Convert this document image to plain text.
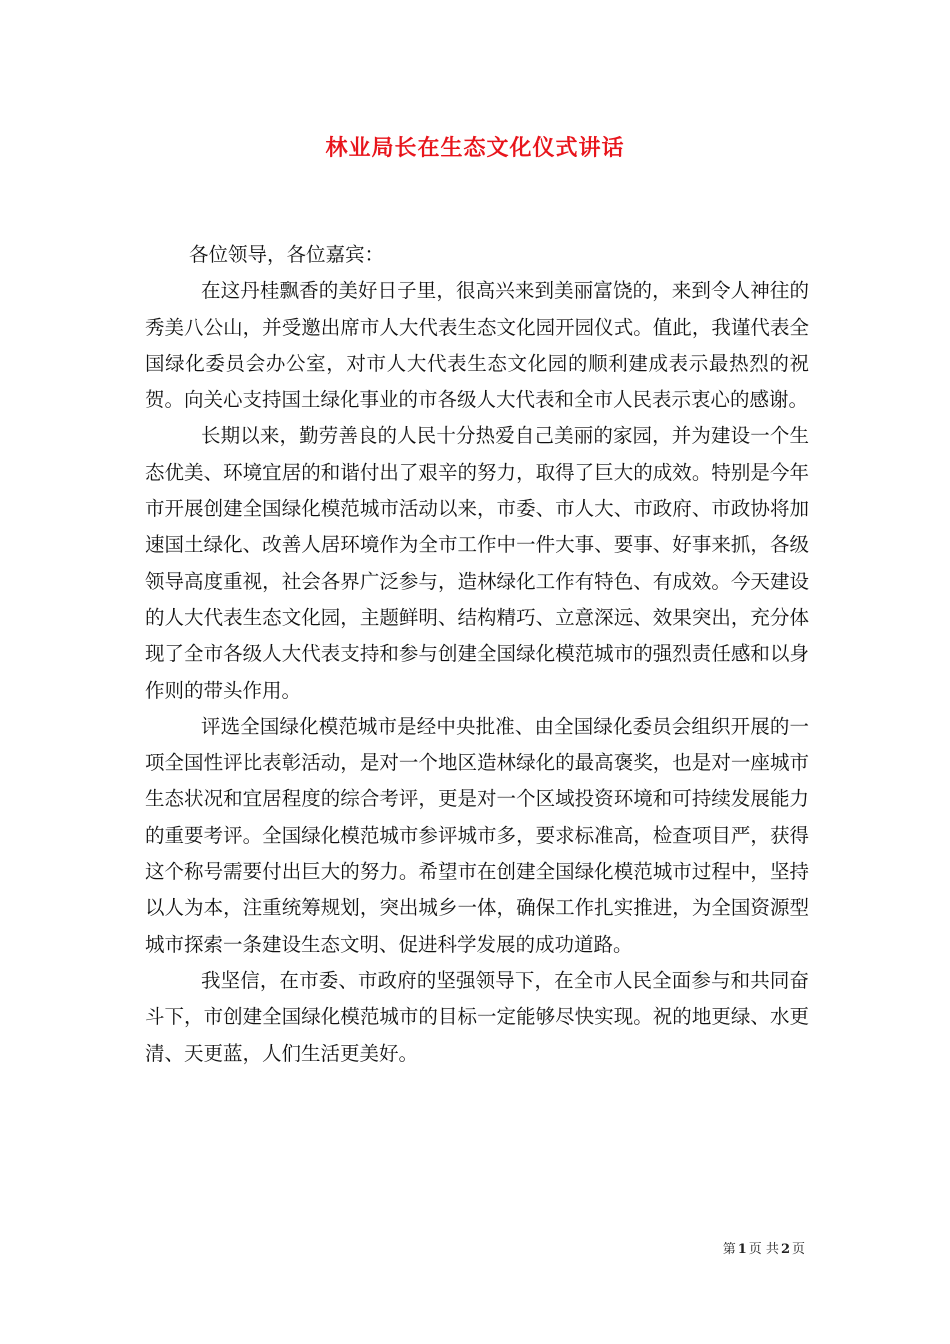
林业局长在生态文化仪式讲话

各位领导，各位嘉宾：

在这丹桂飘香的美好日子里，很高兴来到美丽富饶的，来到令人神往的秀美八公山，并受邀出席市人大代表生态文化园开园仪式。值此，我谨代表全国绿化委员会办公室，对市人大代表生态文化园的顺利建成表示最热烈的祝贺。向关心支持国土绿化事业的市各级人大代表和全市人民表示衷心的感谢。

长期以来，勤劳善良的人民十分热爱自己美丽的家园，并为建设一个生态优美、环境宜居的和谐付出了艰辛的努力，取得了巨大的成效。特别是今年市开展创建全国绿化模范城市活动以来，市委、市人大、市政府、市政协将加速国土绿化、改善人居环境作为全市工作中一件大事、要事、好事来抓，各级领导高度重视，社会各界广泛参与，造林绿化工作有特色、有成效。今天建设的人大代表生态文化园，主题鲜明、结构精巧、立意深远、效果突出，充分体现了全市各级人大代表支持和参与创建全国绿化模范城市的强烈责任感和以身作则的带头作用。

评选全国绿化模范城市是经中央批准、由全国绿化委员会组织开展的一项全国性评比表彰活动，是对一个地区造林绿化的最高褒奖，也是对一座城市生态状况和宜居程度的综合考评，更是对一个区域投资环境和可持续发展能力的重要考评。全国绿化模范城市参评城市多，要求标准高，检查项目严，获得这个称号需要付出巨大的努力。希望市在创建全国绿化模范城市过程中，坚持以人为本，注重统筹规划，突出城乡一体，确保工作扎实推进，为全国资源型城市探索一条建设生态文明、促进科学发展的成功道路。

我坚信，在市委、市政府的坚强领导下，在全市人民全面参与和共同奋斗下，市创建全国绿化模范城市的目标一定能够尽快实现。祝的地更绿、水更清、天更蓝，人们生活更美好。

第 1 页 共 2 页
